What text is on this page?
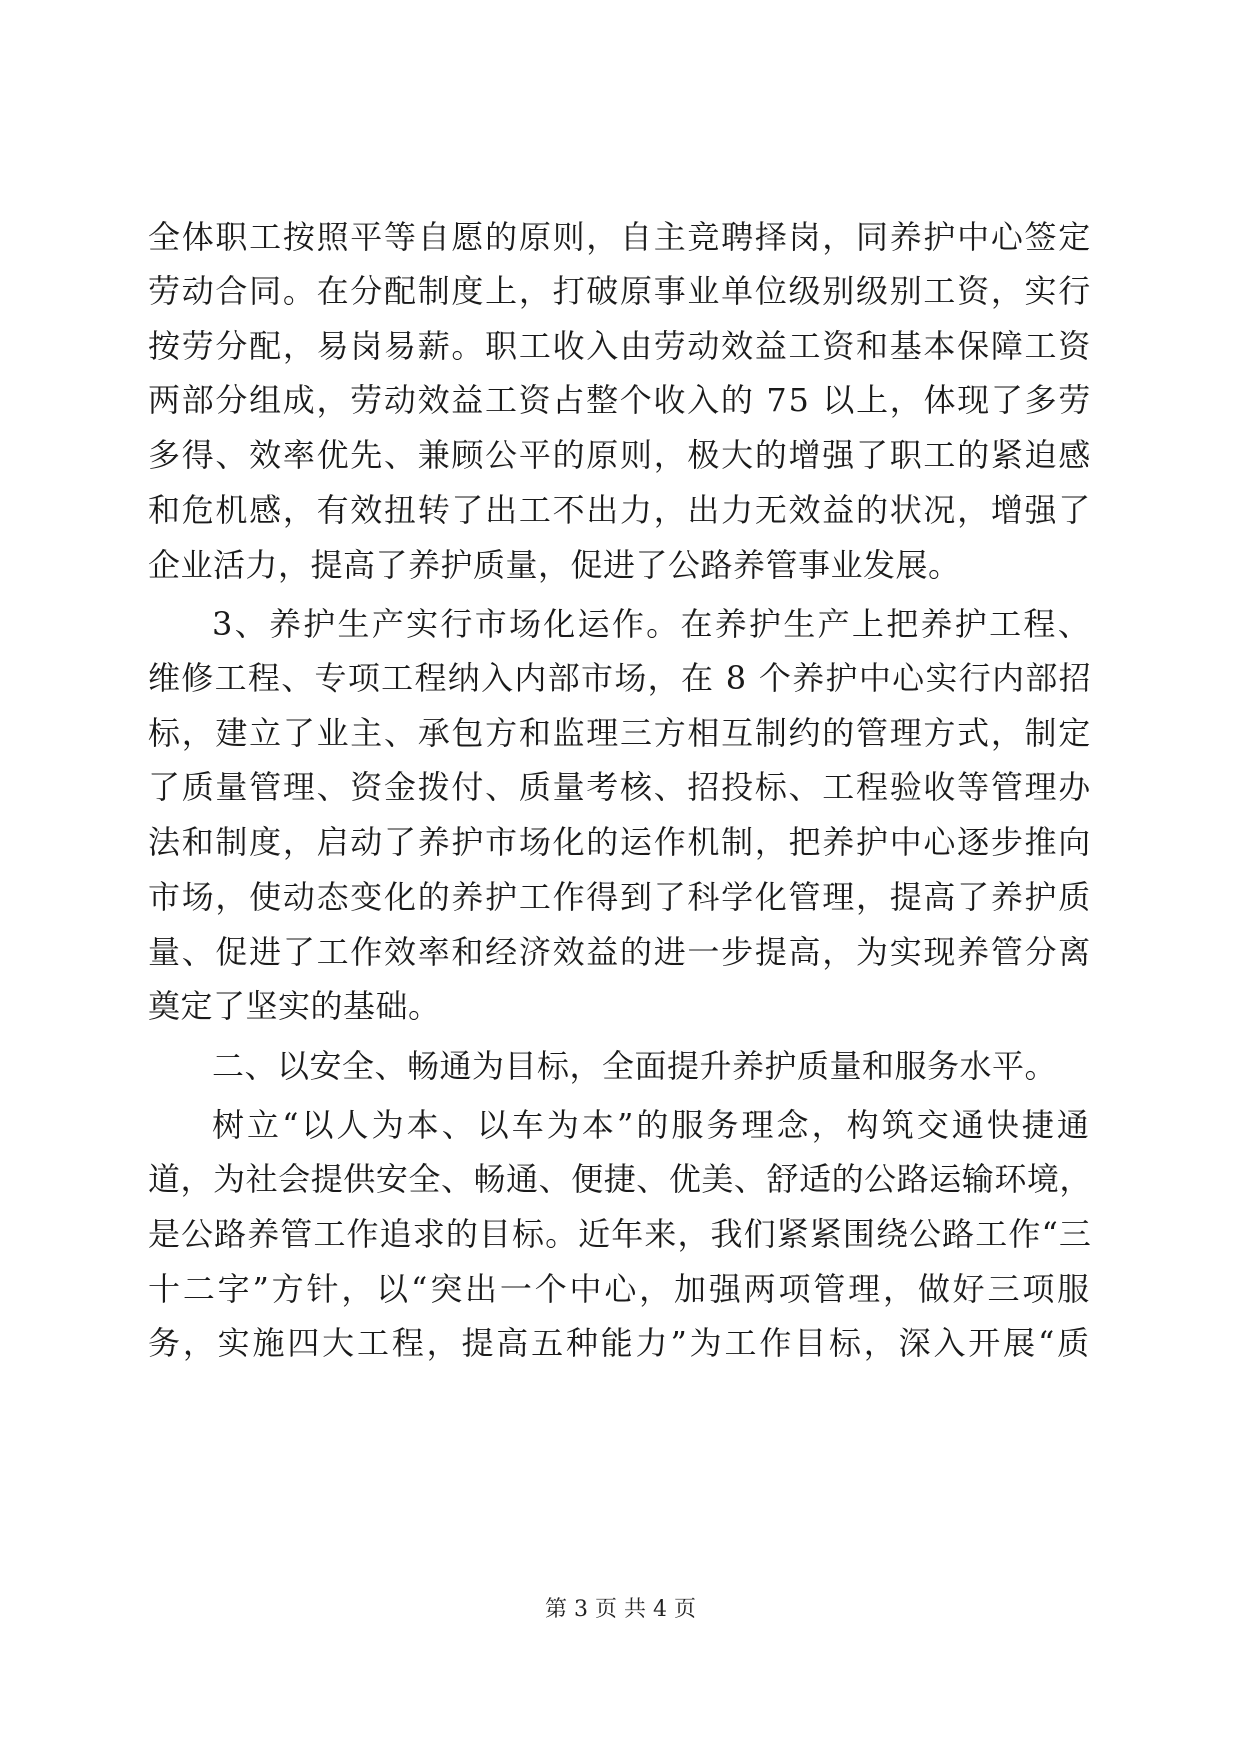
全体职工按照平等自愿的原则，自主竞聘择岗，同养护中心签定
劳动合同。在分配制度上，打破原事业单位级别级别工资，实行
按劳分配，易岗易薪。职工收入由劳动效益工资和基本保障工资
两部分组成，劳动效益工资占整个收入的 75 以上，体现了多劳
多得、效率优先、兼顾公平的原则，极大的增强了职工的紧迫感
和危机感，有效扭转了出工不出力，出力无效益的状况，增强了
企业活力，提高了养护质量，促进了公路养管事业发展。
3、养护生产实行市场化运作。在养护生产上把养护工程、
维修工程、专项工程纳入内部市场，在 8 个养护中心实行内部招
标，建立了业主、承包方和监理三方相互制约的管理方式，制定
了质量管理、资金拨付、质量考核、招投标、工程验收等管理办
法和制度，启动了养护市场化的运作机制，把养护中心逐步推向
市场，使动态变化的养护工作得到了科学化管理，提高了养护质
量、促进了工作效率和经济效益的进一步提高，为实现养管分离
奠定了坚实的基础。
二、以安全、畅通为目标，全面提升养护质量和服务水平。
树立“以人为本、以车为本”的服务理念，构筑交通快捷通
道，为社会提供安全、畅通、便捷、优美、舒适的公路运输环境，
是公路养管工作追求的目标。近年来，我们紧紧围绕公路工作“三
十二字”方针，以“突出一个中心，加强两项管理，做好三项服
务，实施四大工程，提高五种能力”为工作目标，深入开展“质
第 3 页 共 4 页
